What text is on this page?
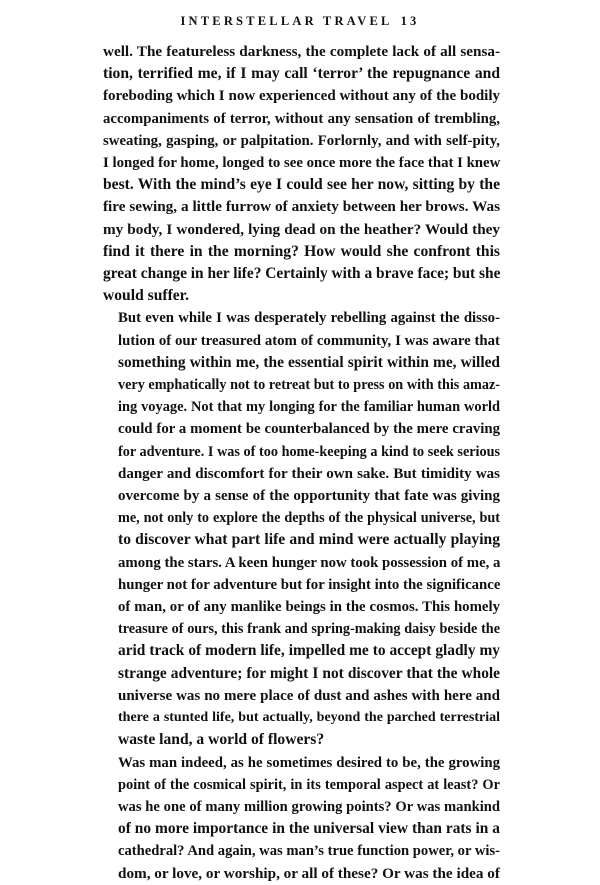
INTERSTELLAR TRAVEL 13

well. The featureless darkness, the complete lack of all sensa-
tion, terrified me, if I may call ‘terror’ the repugnance and
foreboding which I now experienced without any of the bodily
accompaniments of terror, without any sensation of trembling,
sweating, gasping, or palpitation. Forlornly, and with self-pity,
I longed for home, longed to see once more the face that I knew
best. With the mind’s eye I could see her now, sitting by the
fire sewing, a little furrow of anxiety between her brows. Was
my body, I wondered, lying dead on the heather? Would they
find it there in the morning? How would she confront this
great change in her life? Certainly with a brave face; but she
would suffer.

But even while I was desperately rebelling against the disso-
lution of our treasured atom of community, I was aware that
something within me, the essential spirit within me, willed
very emphatically not to retreat but to press on with this amaz-
ing voyage. Not that my longing for the familiar human world
could for a moment be counterbalanced by the mere craving
for adventure. I was of too home-keeping a kind to seek serious
danger and discomfort for their own sake. But timidity was
overcome by a sense of the opportunity that fate was giving
me, not only to explore the depths of the physical universe, but
to discover what part life and mind were actually playing
among the stars. A keen hunger now took possession of me, a
hunger not for adventure but for insight into the significance
of man, or of any manlike beings in the cosmos. This homely
treasure of ours, this frank and spring-making daisy beside the
arid track of modern life, impelled me to accept gladly my
strange adventure; for might I not discover that the whole
universe was no mere place of dust and ashes with here and
there a stunted life, but actually, beyond the parched terrestrial
waste land, a world of flowers?

Was man indeed, as he sometimes desired to be, the growing
point of the cosmical spirit, in its temporal aspect at least? Or
was he one of many million growing points? Or was mankind
of no more importance in the universal view than rats in a
cathedral? And again, was man’s true function power, or wis-
dom, or love, or worship, or all of these? Or was the idea of
